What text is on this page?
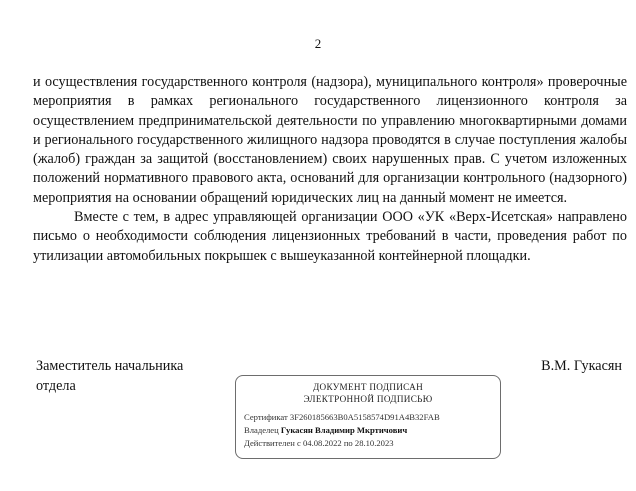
2

и осуществления государственного контроля (надзора), муниципального контроля» проверочные мероприятия в рамках регионального государственного лицензионного контроля за осуществлением предпринимательской деятельности по управлению многоквартирными домами и регионального государственного жилищного надзора проводятся в случае поступления жалобы (жалоб) граждан за защитой (восстановлением) своих нарушенных прав. С учетом изложенных положений нормативного правового акта, оснований для организации контрольного (надзорного) мероприятия на основании обращений юридических лиц на данный момент не имеется.

Вместе с тем, в адрес управляющей организации ООО «УК «Верх-Исетская» направлено письмо о необходимости соблюдения лицензионных требований в части, проведения работ по утилизации автомобильных покрышек с вышеуказанной контейнерной площадки.

Заместитель начальника
отдела
В.М. Гукасян
ДОКУМЕНТ ПОДПИСАН
ЭЛЕКТРОННОЙ ПОДПИСЬЮ
Сертификат 3F260185663B0A5158574D91A4B32FAB
Владелец Гукасян Владимир Мкртичович
Действителен с 04.08.2022 по 28.10.2023
